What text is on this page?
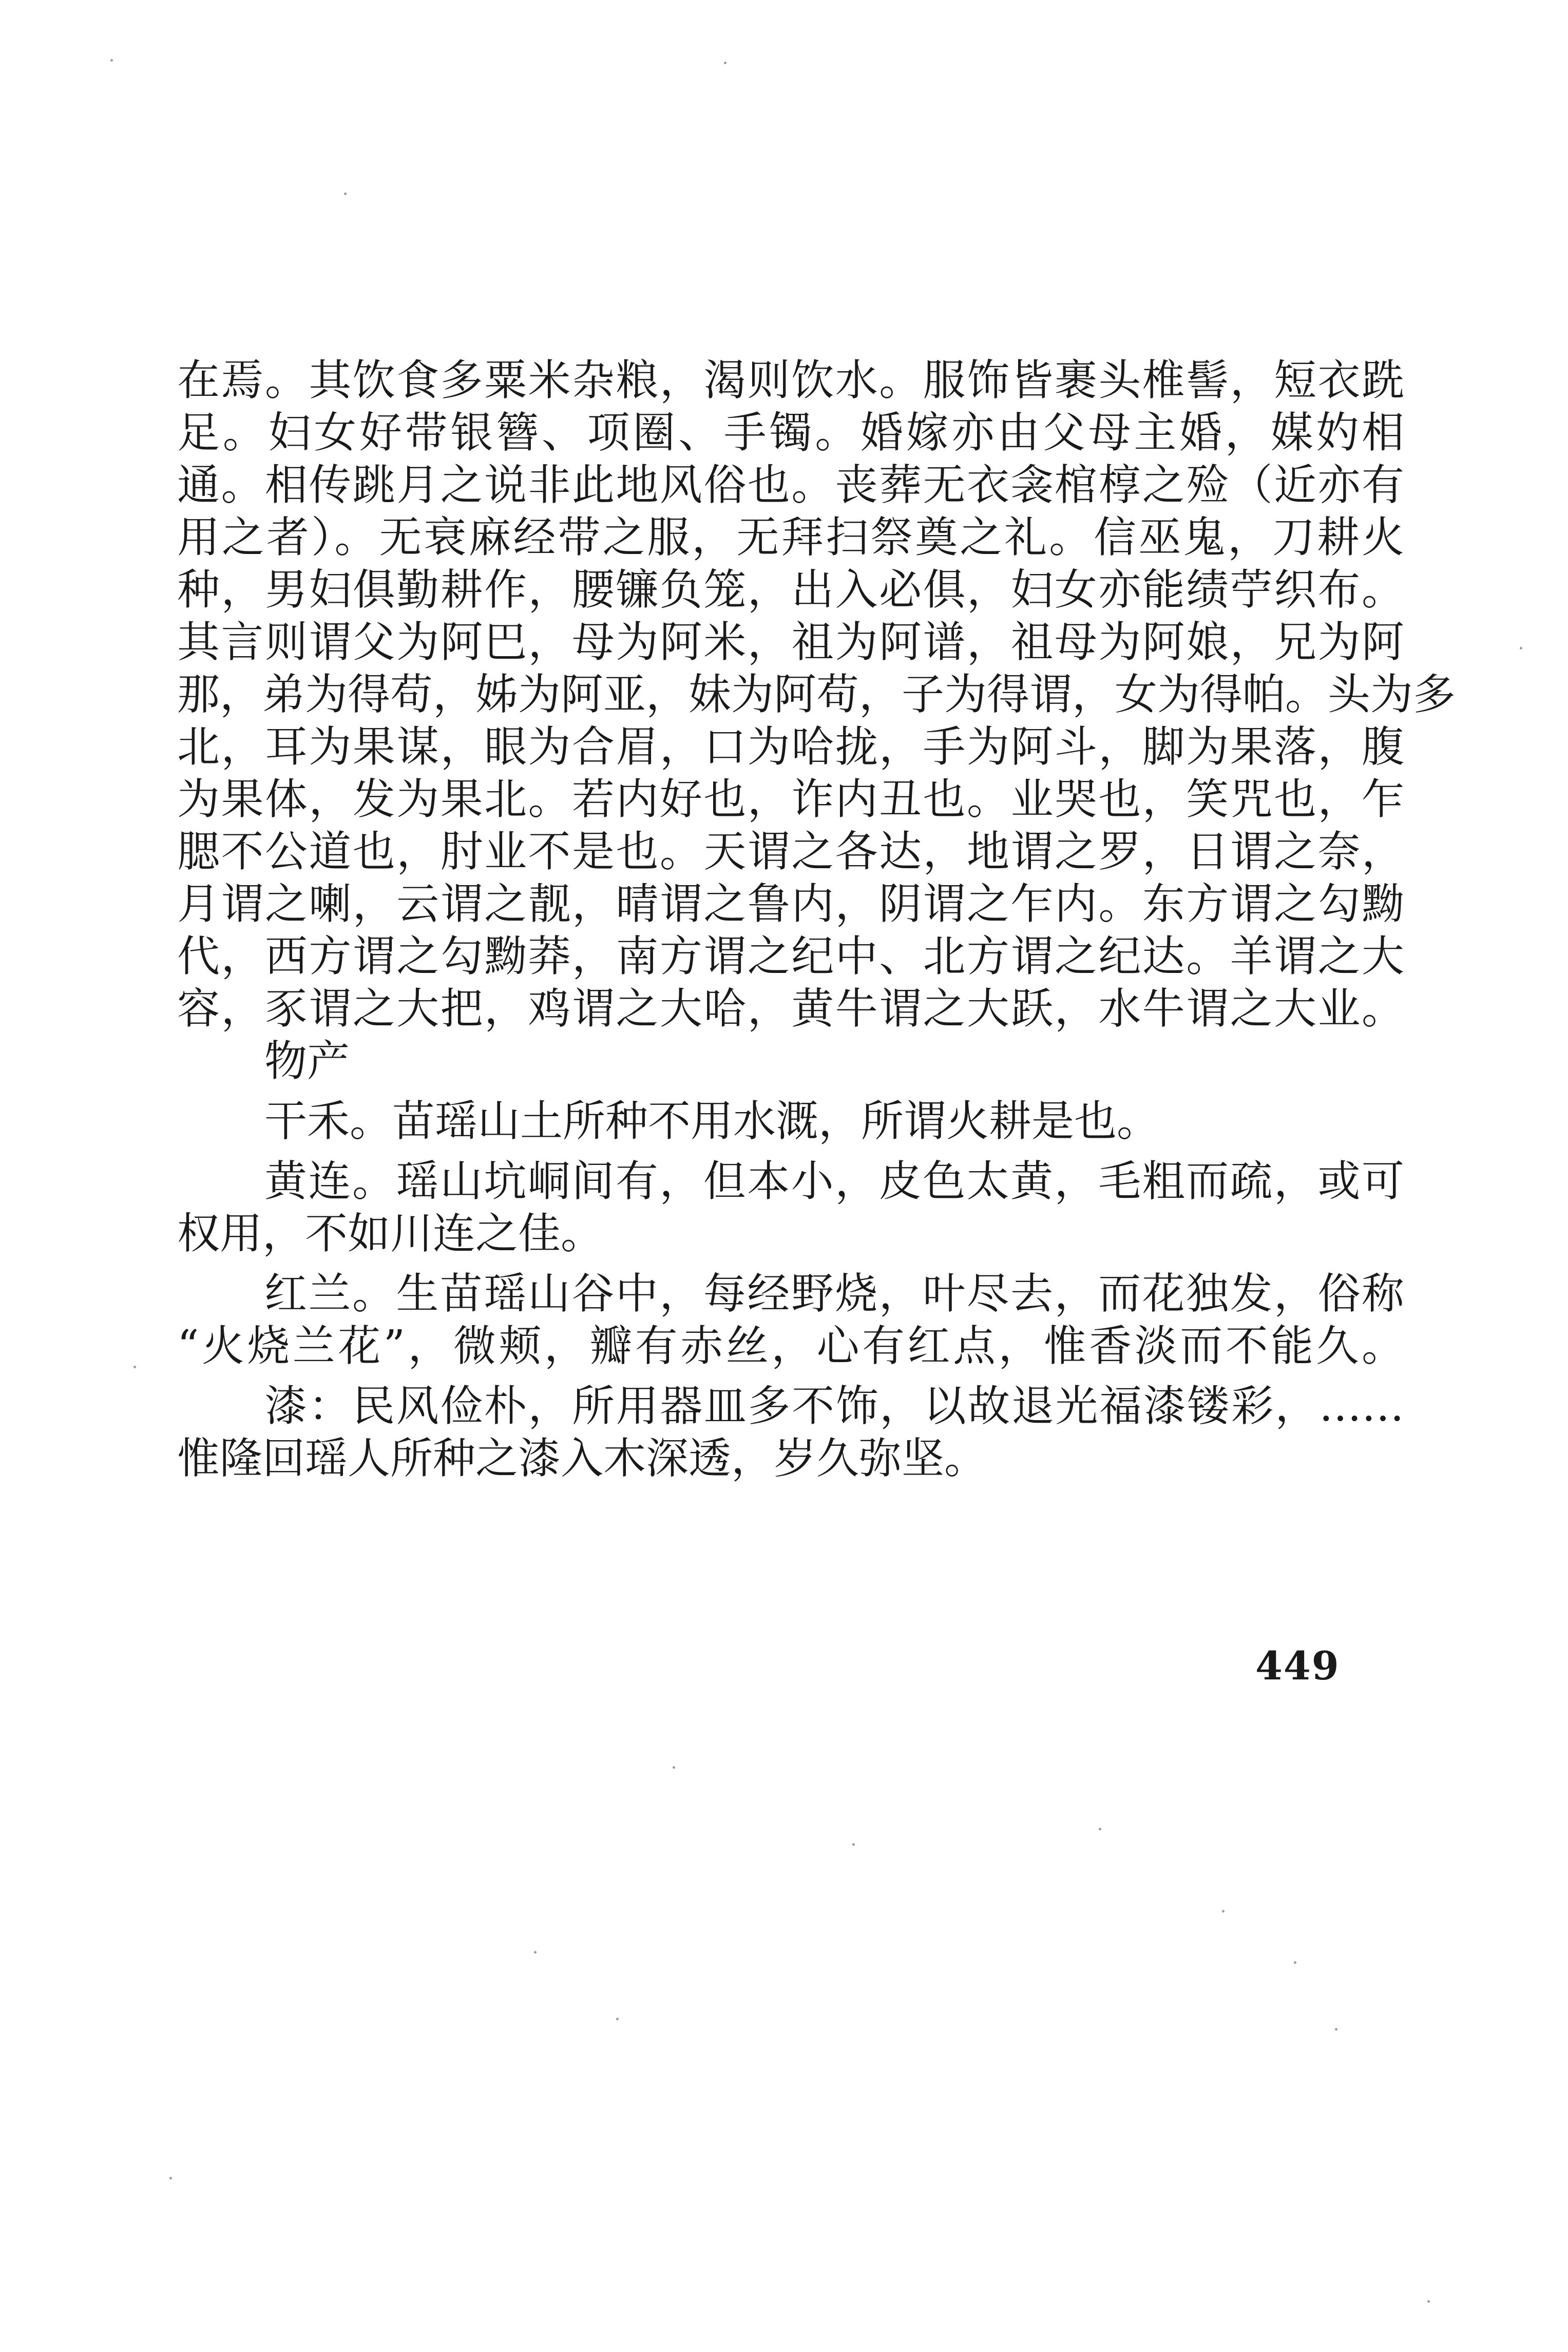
在焉。其饮食多粟米杂粮，渴则饮水。服饰皆裹头椎髻，短衣跣
足。妇女好带银簪、项圈、手镯。婚嫁亦由父母主婚，媒妁相
通。相传跳月之说非此地风俗也。丧葬无衣衾棺椁之殓（近亦有
用之者）。无衰麻经带之服，无拜扫祭奠之礼。信巫鬼，刀耕火
种，男妇俱勤耕作，腰镰负笼，出入必俱，妇女亦能绩苧织布。
其言则谓父为阿巴，母为阿米，祖为阿谱，祖母为阿娘，兄为阿
那，弟为得苟，姊为阿亚，妹为阿苟，子为得谓，女为得帕。头为多
北，耳为果谋，眼为合眉，口为哈拢，手为阿斗，脚为果落，腹
为果体，发为果北。若内好也，诈内丑也。业哭也，笑咒也，乍
腮不公道也，肘业不是也。天谓之各达，地谓之罗，日谓之奈，
月谓之喇，云谓之靓，晴谓之鲁内，阴谓之乍内。东方谓之勾黝
代，西方谓之勾黝莽，南方谓之纪中、北方谓之纪达。羊谓之大
容，豕谓之大把，鸡谓之大哈，黄牛谓之大跃，水牛谓之大业。
物产
干禾。苗瑶山土所种不用水溉，所谓火耕是也。
黄连。瑶山坑峒间有，但本小，皮色太黄，毛粗而疏，或可
权用，不如川连之佳。
红兰。生苗瑶山谷中，每经野烧，叶尽去，而花独发，俗称
“火烧兰花”，微颊，瓣有赤丝，心有红点，惟香淡而不能久。
漆：民风俭朴，所用器皿多不饰，以故退光福漆镂彩，……
惟隆回瑶人所种之漆入木深透，岁久弥坚。
449
